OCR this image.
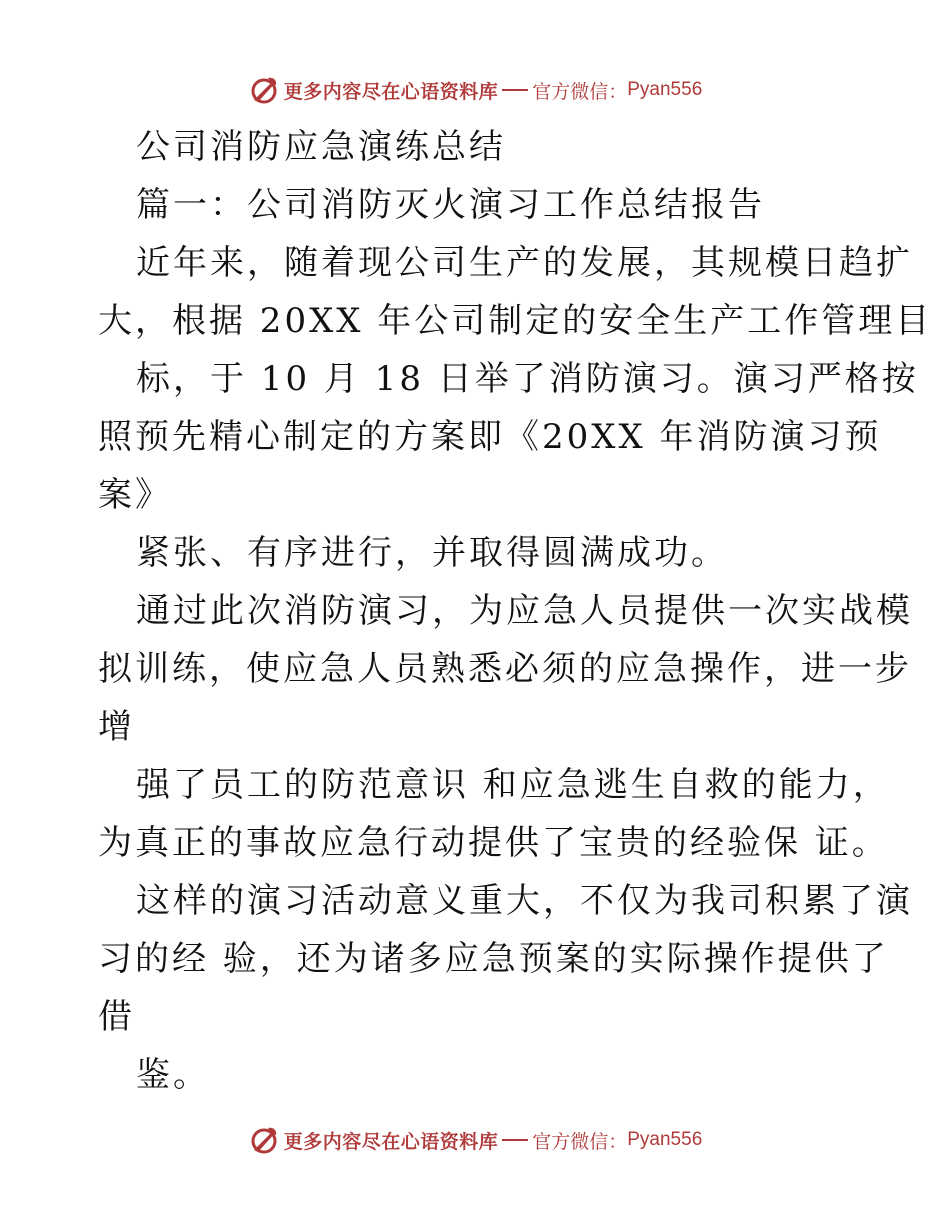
更多内容尽在心语资料库 官方微信： Pyan556
公司消防应急演练总结
篇一：公司消防灭火演习工作总结报告
近年来，随着现公司生产的发展，其规模日趋扩
大，根据 20XX 年公司制定的安全生产工作管理目
标，于 10 月 18 日举了消防演习。演习严格按
照预先精心制定的方案即《20XX 年消防演习预
案》
紧张、有序进行，并取得圆满成功。
通过此次消防演习，为应急人员提供一次实战模
拟训练，使应急人员熟悉必须的应急操作，进一步
增
强了员工的防范意识 和应急逃生自救的能力，
为真正的事故应急行动提供了宝贵的经验保 证。
这样的演习活动意义重大，不仅为我司积累了演
习的经 验，还为诸多应急预案的实际操作提供了
借
鉴。
更多内容尽在心语资料库 官方微信： Pyan556
